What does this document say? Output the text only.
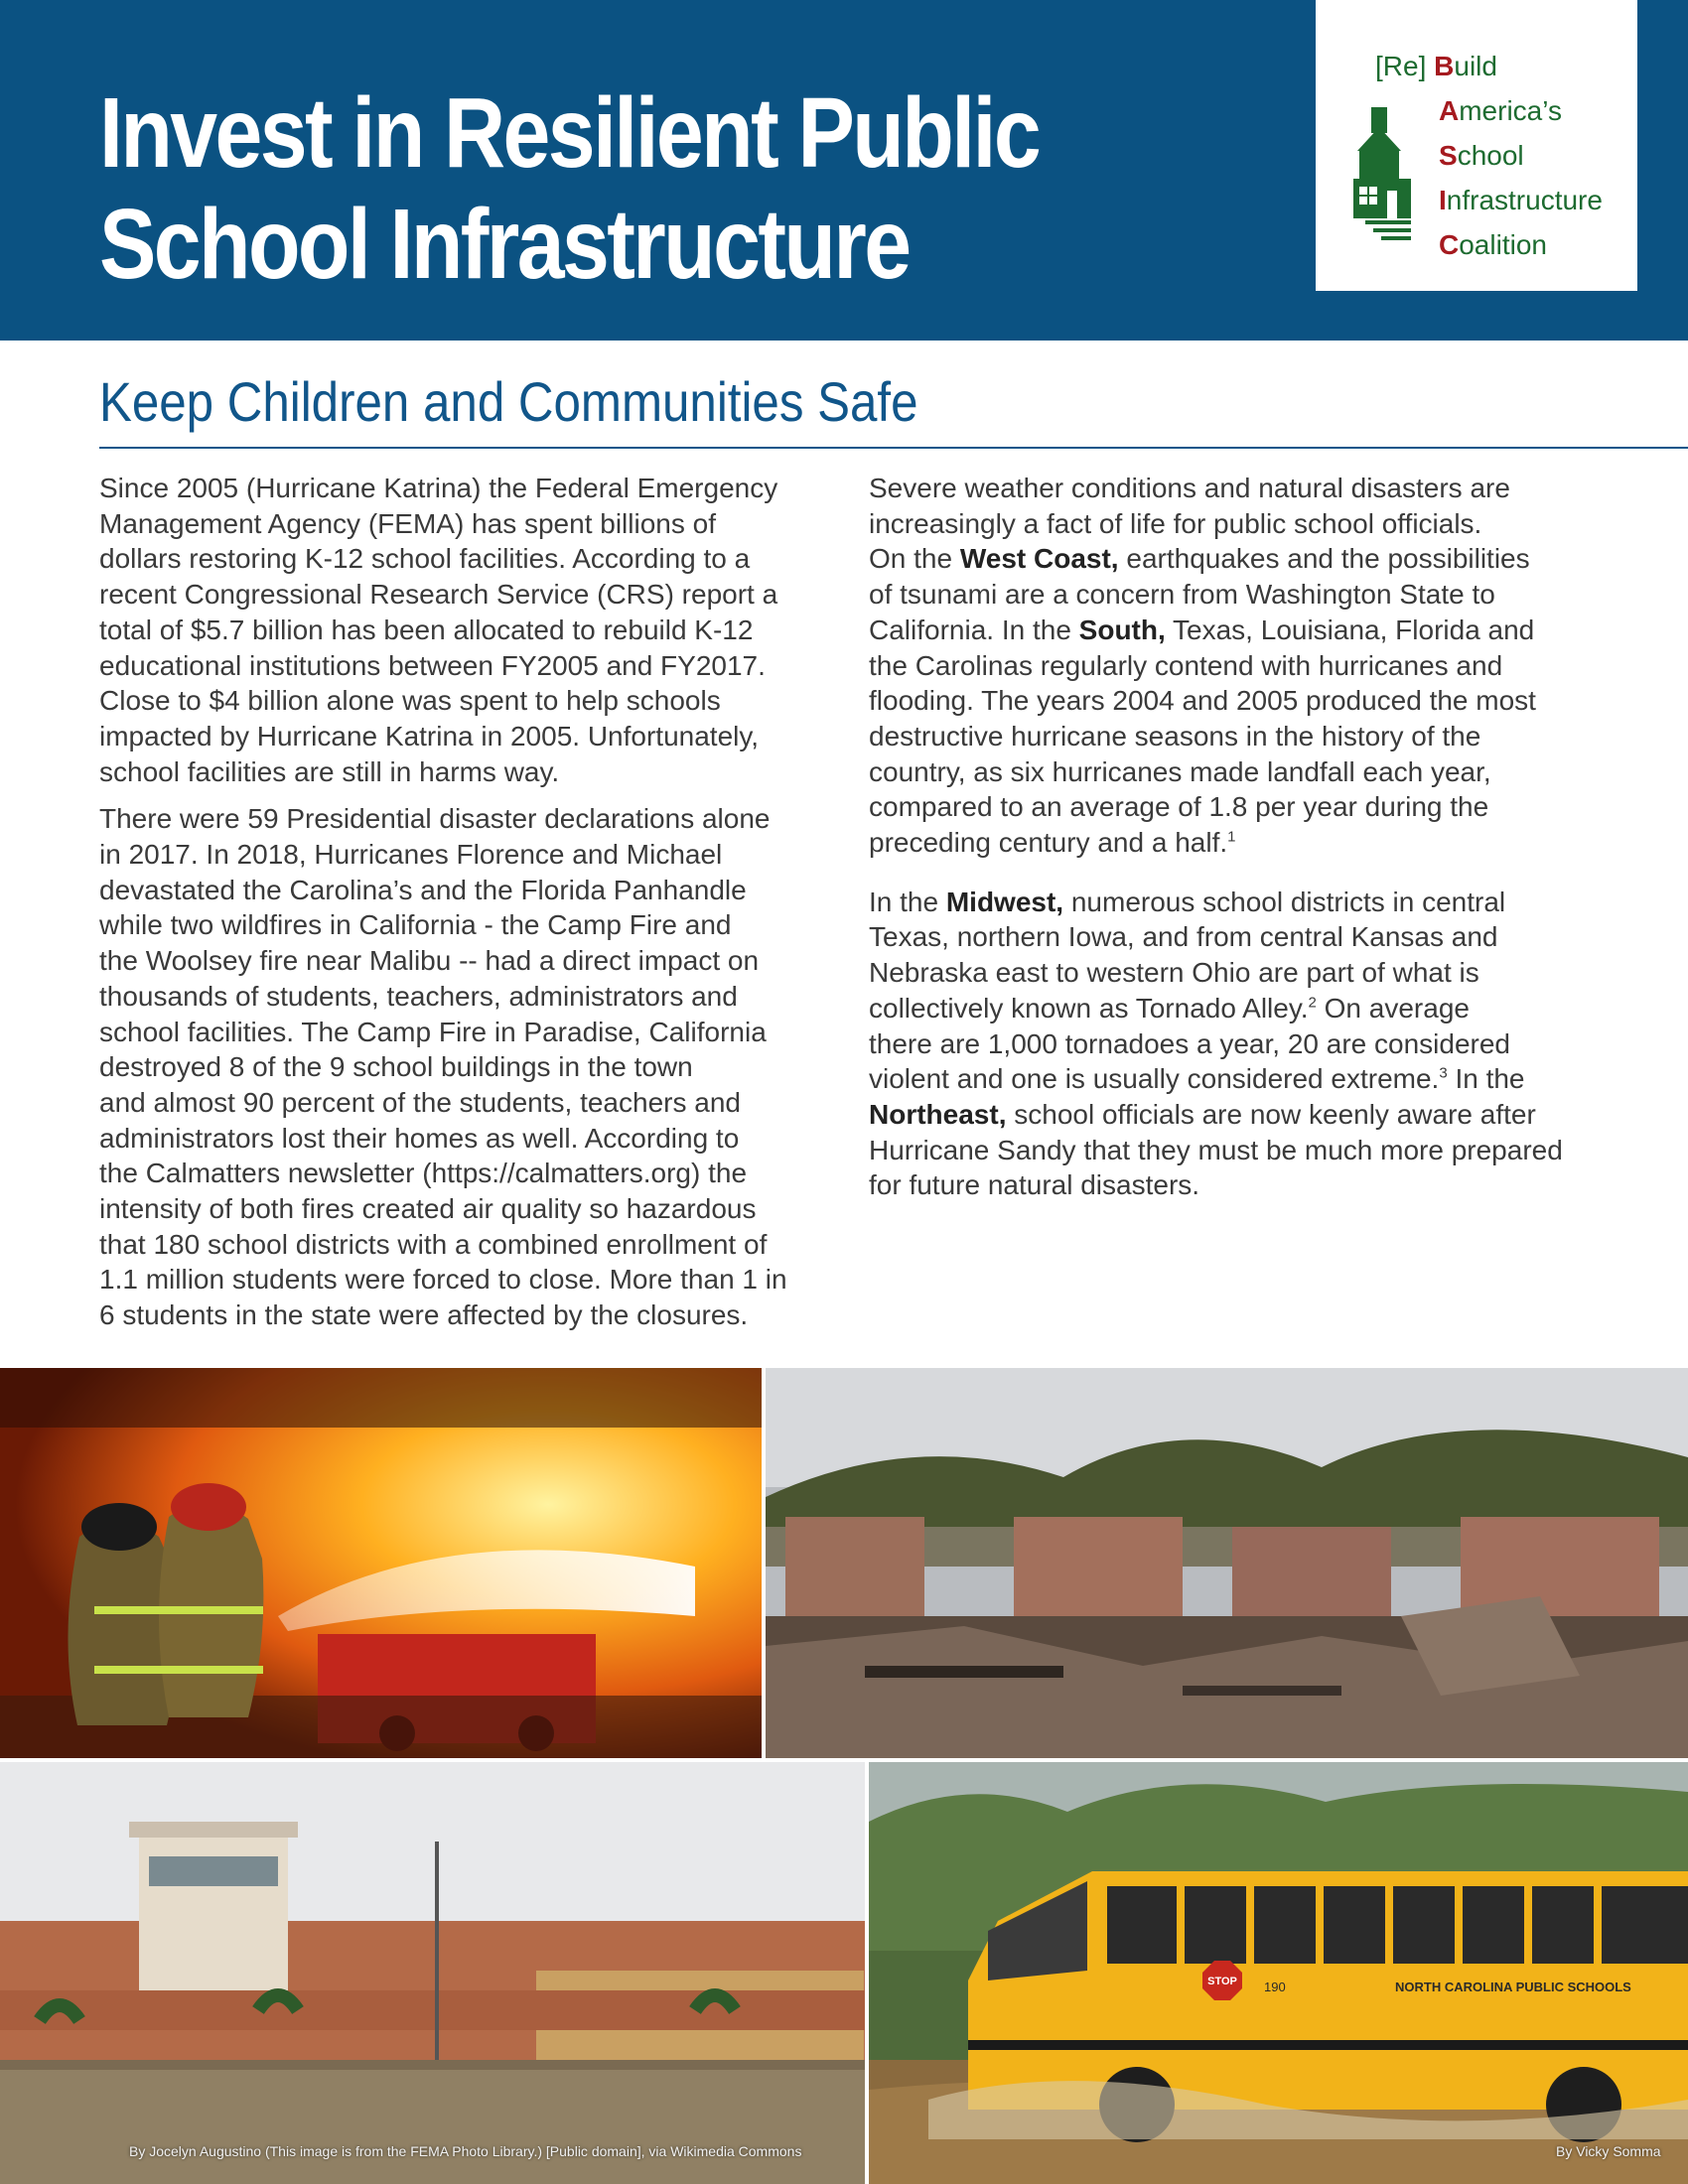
Invest in Resilient Public
School Infrastructure
[Re] Build
America’s
School
Infrastructure
Coalition
Keep Children and Communities Safe

Since 2005 (Hurricane Katrina) the Federal Emergency
Management Agency (FEMA) has spent billions of
dollars restoring K-12 school facilities. According to a
recent Congressional Research Service (CRS) report a
total of $5.7 billion has been allocated to rebuild K-12
educational institutions between FY2005 and FY2017.
Close to $4 billion alone was spent to help schools
impacted by Hurricane Katrina in 2005. Unfortunately,
school facilities are still in harms way.

There were 59 Presidential disaster declarations alone
in 2017. In 2018, Hurricanes Florence and Michael
devastated the Carolina’s and the Florida Panhandle
while two wildfires in California - the Camp Fire and
the Woolsey fire near Malibu -- had a direct impact on
thousands of students, teachers, administrators and
school facilities. The Camp Fire in Paradise, California
destroyed 8 of the 9 school buildings in the town
and almost 90 percent of the students, teachers and
administrators lost their homes as well. According to
the Calmatters newsletter (https://calmatters.org) the
intensity of both fires created air quality so hazardous
that 180 school districts with a combined enrollment of
1.1 million students were forced to close. More than 1 in
6 students in the state were affected by the closures.

Severe weather conditions and natural disasters are
increasingly a fact of life for public school officials.
On the West Coast, earthquakes and the possibilities
of tsunami are a concern from Washington State to
California. In the South, Texas, Louisiana, Florida and
the Carolinas regularly contend with hurricanes and
flooding. The years 2004 and 2005 produced the most
destructive hurricane seasons in the history of the
country, as six hurricanes made landfall each year,
compared to an average of 1.8 per year during the
preceding century and a half.$^1$

In the Midwest, numerous school districts in central
Texas, northern Iowa, and from central Kansas and
Nebraska east to western Ohio are part of what is
collectively known as Tornado Alley.$^2$ On average
there are 1,000 tornadoes a year, 20 are considered
violent and one is usually considered extreme.$^3$ In the
Northeast, school officials are now keenly aware after
Hurricane Sandy that they must be much more prepared
for future natural disasters.

By Jocelyn Augustino (This image is from the FEMA Photo Library.) [Public domain], via Wikimedia Commons
STOP 190	NORTH CAROLINA PUBLIC SCHOOLS
By Vicky Somma
